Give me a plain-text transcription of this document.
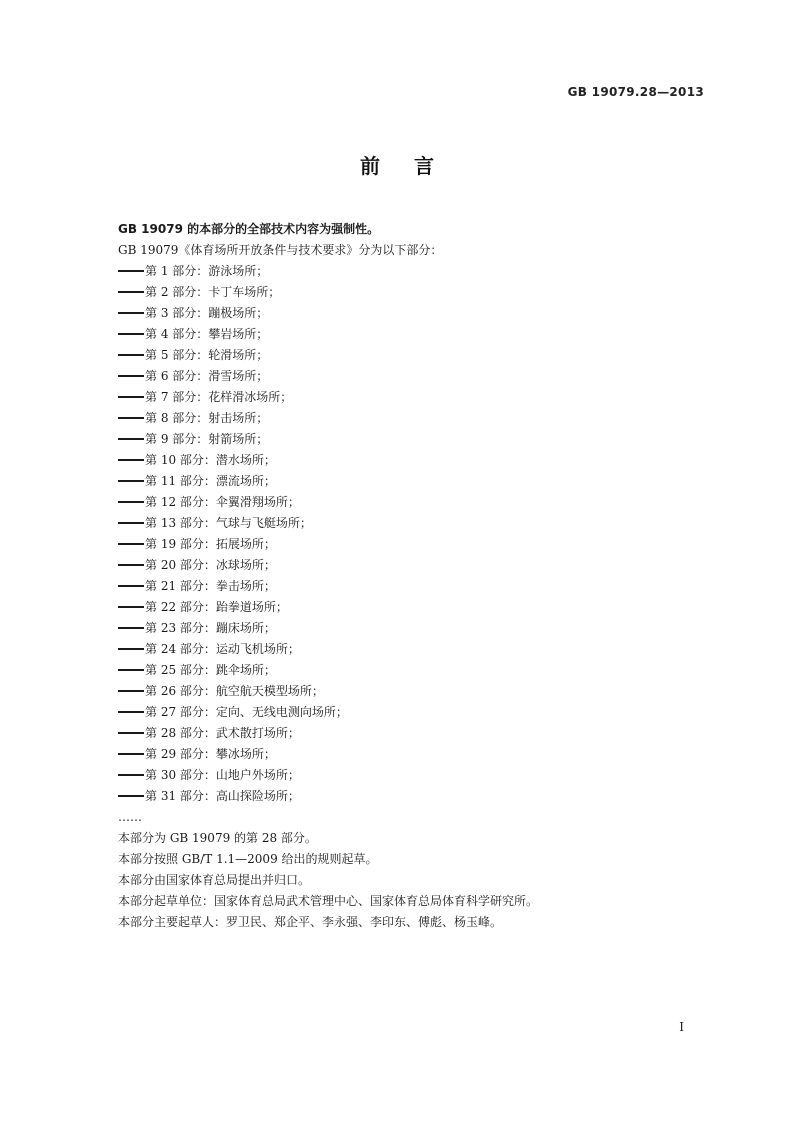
GB 19079.28—2013
前言
GB 19079 的本部分的全部技术内容为强制性。
GB 19079《体育场所开放条件与技术要求》分为以下部分：
第 1 部分：游泳场所；
第 2 部分：卡丁车场所；
第 3 部分：蹦极场所；
第 4 部分：攀岩场所；
第 5 部分：轮滑场所；
第 6 部分：滑雪场所；
第 7 部分：花样滑冰场所；
第 8 部分：射击场所；
第 9 部分：射箭场所；
第 10 部分：潜水场所；
第 11 部分：漂流场所；
第 12 部分：伞翼滑翔场所；
第 13 部分：气球与飞艇场所；
第 19 部分：拓展场所；
第 20 部分：冰球场所；
第 21 部分：拳击场所；
第 22 部分：跆拳道场所；
第 23 部分：蹦床场所；
第 24 部分：运动飞机场所；
第 25 部分：跳伞场所；
第 26 部分：航空航天模型场所；
第 27 部分：定向、无线电测向场所；
第 28 部分：武术散打场所；
第 29 部分：攀冰场所；
第 30 部分：山地户外场所；
第 31 部分：高山探险场所；
……
本部分为 GB 19079 的第 28 部分。
本部分按照 GB/T 1.1—2009 给出的规则起草。
本部分由国家体育总局提出并归口。
本部分起草单位：国家体育总局武术管理中心、国家体育总局体育科学研究所。
本部分主要起草人：罗卫民、郑企平、李永强、李印东、傅彪、杨玉峰。
I
